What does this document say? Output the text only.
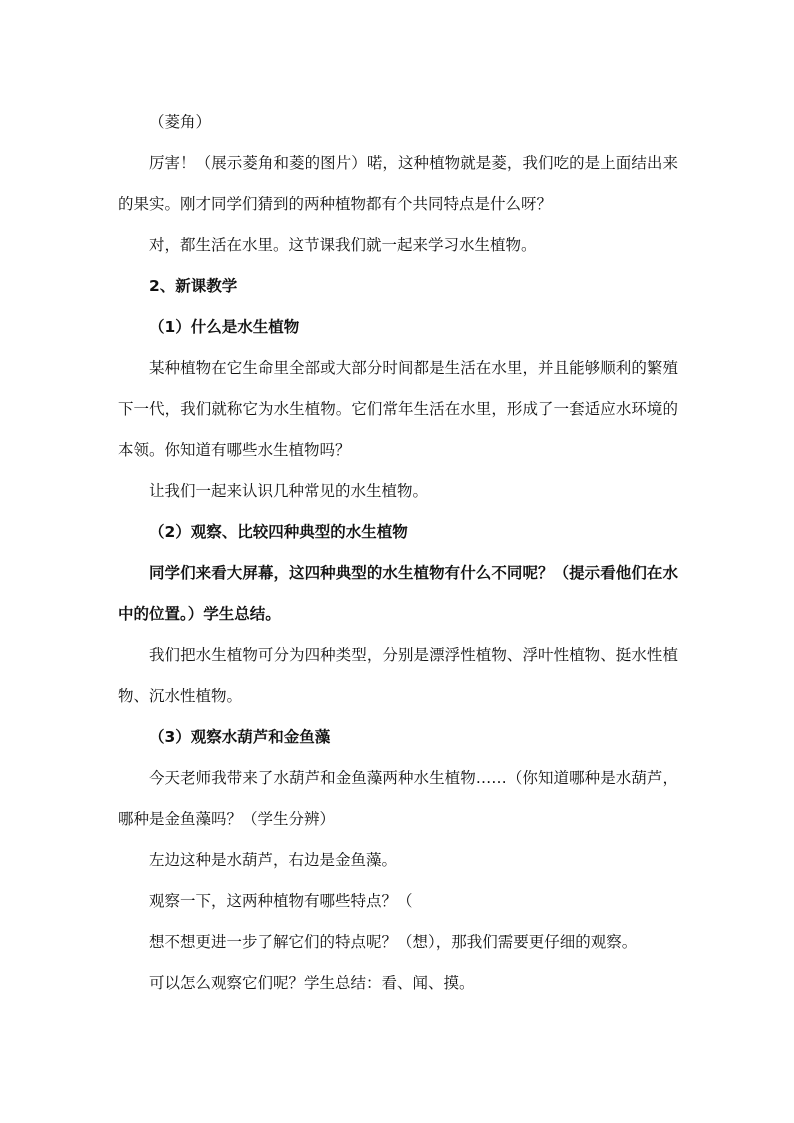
（菱角）

厉害！（展示菱角和菱的图片）喏，这种植物就是菱，我们吃的是上面结出来的果实。刚才同学们猜到的两种植物都有个共同特点是什么呀？

对，都生活在水里。这节课我们就一起来学习水生植物。

2、新课教学

（1）什么是水生植物

某种植物在它生命里全部或大部分时间都是生活在水里，并且能够顺利的繁殖下一代，我们就称它为水生植物。它们常年生活在水里，形成了一套适应水环境的本领。你知道有哪些水生植物吗？

让我们一起来认识几种常见的水生植物。

（2）观察、比较四种典型的水生植物

同学们来看大屏幕，这四种典型的水生植物有什么不同呢？（提示看他们在水中的位置。）学生总结。

我们把水生植物可分为四种类型，分别是漂浮性植物、浮叶性植物、挺水性植物、沉水性植物。

（3）观察水葫芦和金鱼藻

今天老师我带来了水葫芦和金鱼藻两种水生植物……（你知道哪种是水葫芦，哪种是金鱼藻吗？（学生分辨）

左边这种是水葫芦，右边是金鱼藻。

观察一下，这两种植物有哪些特点？（

想不想更进一步了解它们的特点呢？（想），那我们需要更仔细的观察。

可以怎么观察它们呢？学生总结：看、闻、摸。
